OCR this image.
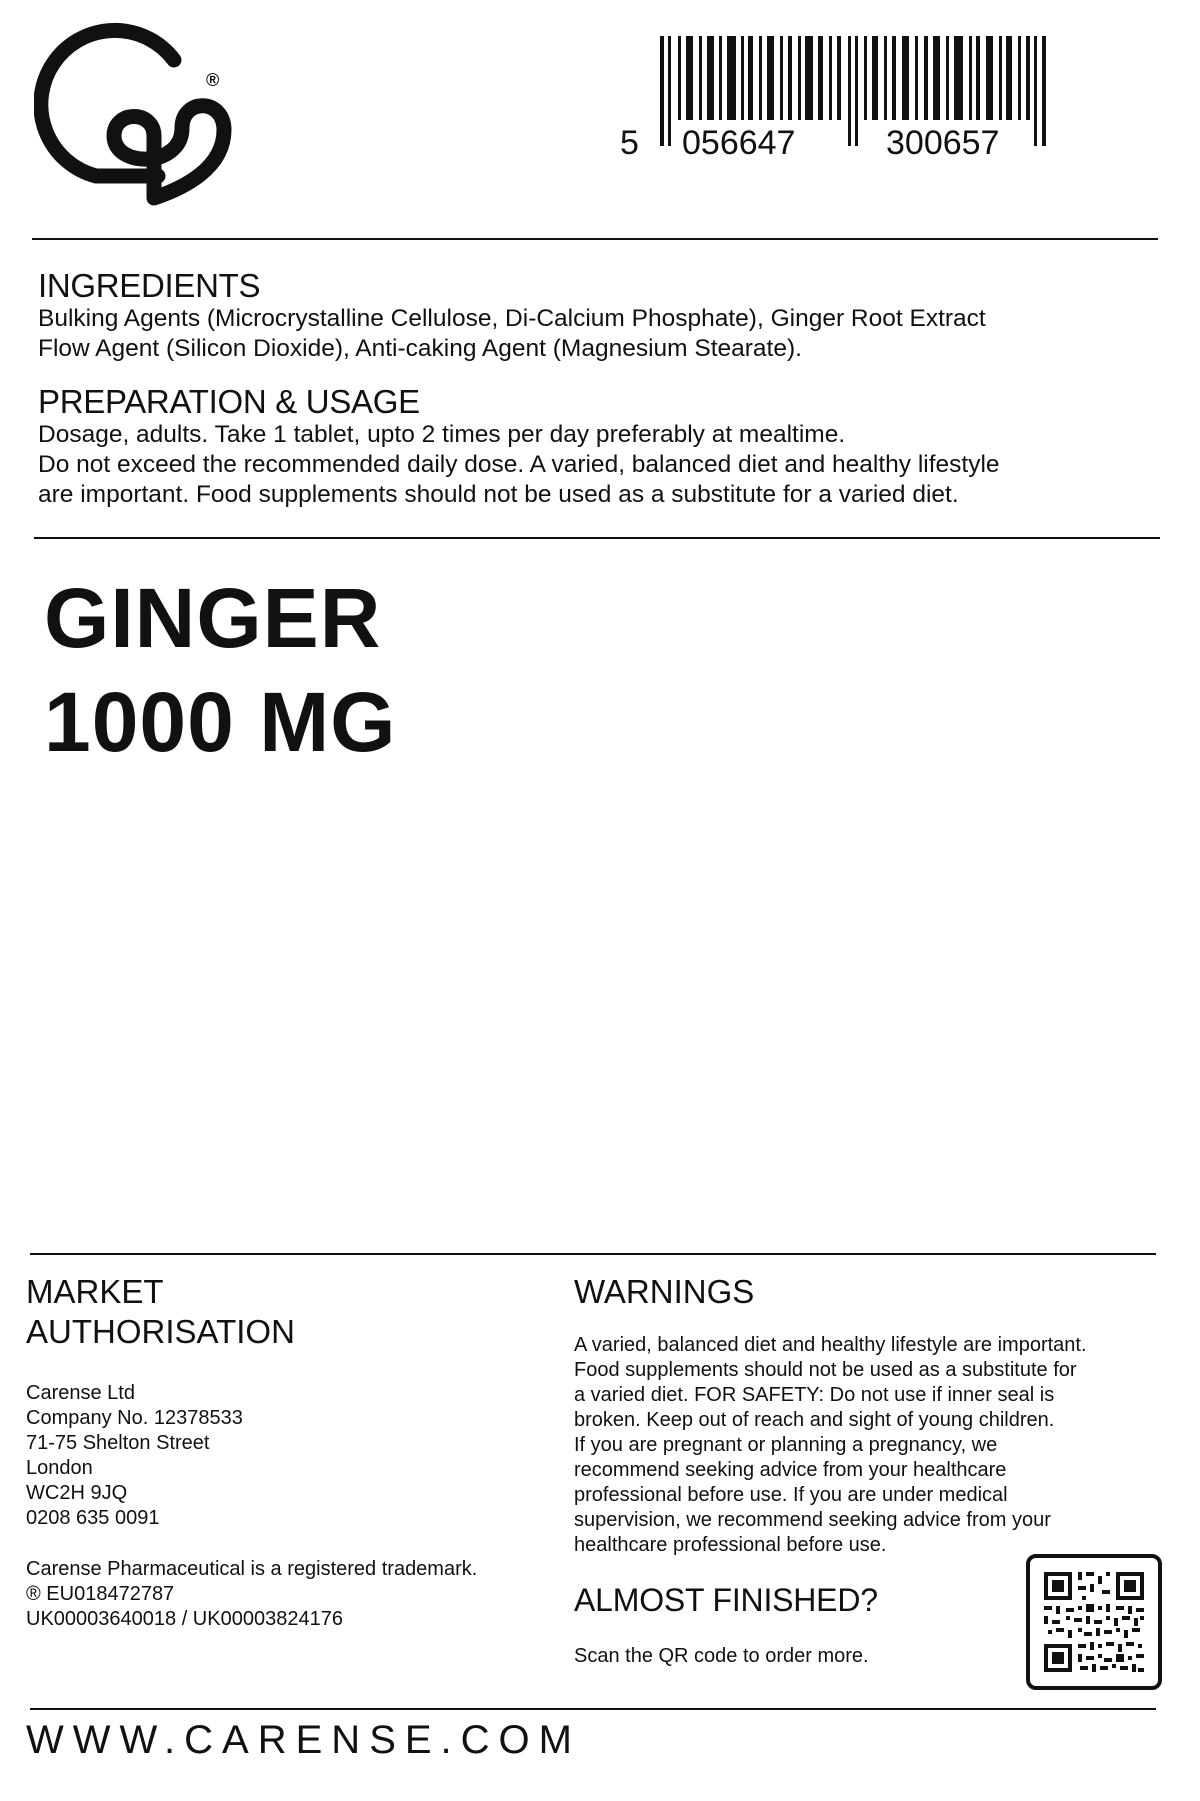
®
5 056647	300657
INGREDIENTS
Bulking Agents (Microcrystalline Cellulose, Di-Calcium Phosphate), Ginger Root Extract
Flow Agent (Silicon Dioxide), Anti-caking Agent (Magnesium Stearate).
PREPARATION & USAGE
Dosage, adults. Take 1 tablet, upto 2 times per day preferably at mealtime.
Do not exceed the recommended daily dose. A varied, balanced diet and healthy lifestyle
are important. Food supplements should not be used as a substitute for a varied diet.
GINGER
1000 MG
MARKET
AUTHORISATION
Carense Ltd
Company No. 12378533
71-75 Shelton Street
London
WC2H 9JQ
0208 635 0091
Carense Pharmaceutical is a registered trademark.
® EU018472787
UK00003640018 / UK00003824176
WARNINGS
A varied, balanced diet and healthy lifestyle are important.
Food supplements should not be used as a substitute for
a varied diet. FOR SAFETY: Do not use if inner seal is
broken. Keep out of reach and sight of young children.
If you are pregnant or planning a pregnancy, we
recommend seeking advice from your healthcare
professional before use. If you are under medical
supervision, we recommend seeking advice from your
healthcare professional before use.
ALMOST FINISHED?
Scan the QR code to order more.
WWW.CARENSE.COM
